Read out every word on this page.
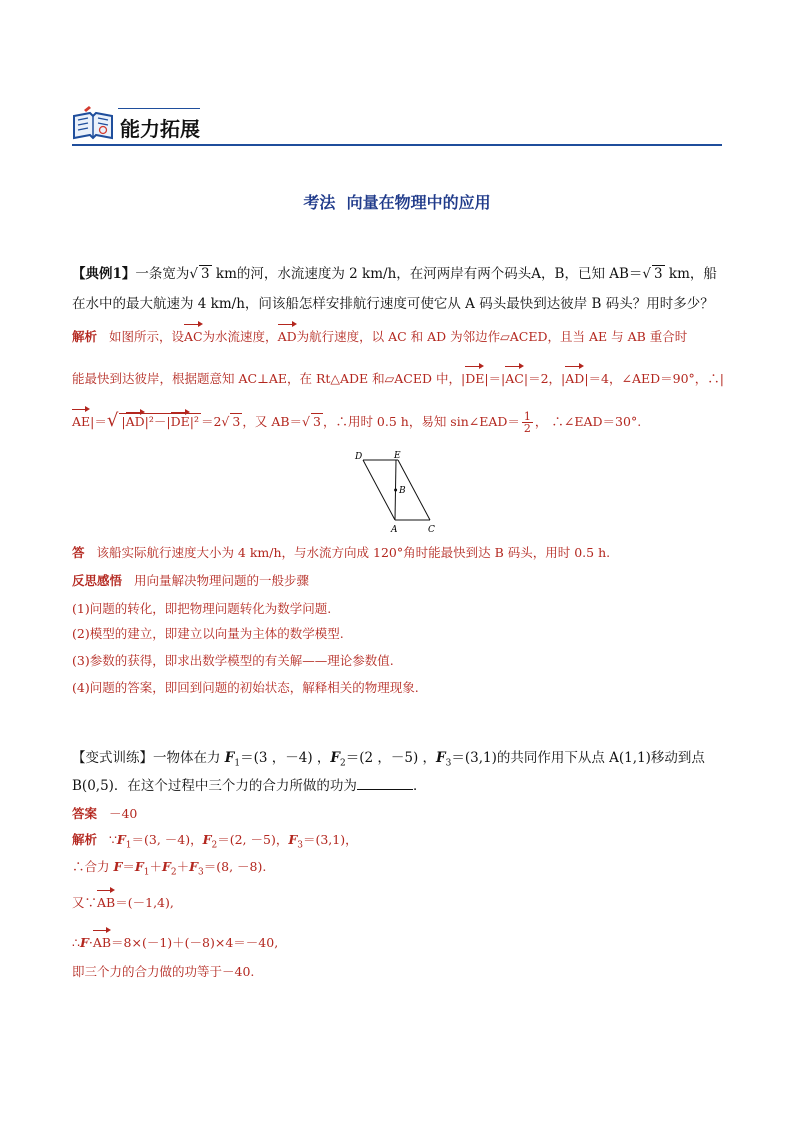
能力拓展
考法  向量在物理中的应用
【典例1】一条宽为√ 3 km的河，水流速度为 2 km/h，在河两岸有两个码头A，B，已知 AB＝√ 3 km，船
在水中的最大航速为 4 km/h，问该船怎样安排航行速度可使它从 A 码头最快到达彼岸 B 码头？用时多少？
解析 如图所示，设AC为水流速度，AD为航行速度，以 AC 和 AD 为邻边作▱ACED，且当 AE 与 AB 重合时
能最快到达彼岸，根据题意知 AC⊥AE，在 Rt△ADE 和▱ACED 中，|DE|＝|AC|＝2，|AD|＝4，∠AED＝90°，∴|
AE|＝√ |AD|²－|DE|² ＝2√ 3 ，又 AB＝√ 3 ，∴用时 0.5 h，易知 sin∠EAD＝ $\frac{1}{2}$ ， ∴∠EAD＝30°.
D	E
B
A	C
答 该船实际航行速度大小为 4 km/h，与水流方向成 120°角时能最快到达 B 码头，用时 0.5 h.
反思感悟 用向量解决物理问题的一般步骤
(1)问题的转化，即把物理问题转化为数学问题.
(2)模型的建立，即建立以向量为主体的数学模型.
(3)参数的获得，即求出数学模型的有关解——理论参数值.
(4)问题的答案，即回到问题的初始状态，解释相关的物理现象.
【变式训练】一物体在力 $F_1=(3$ ，－4) ，$F_2=(2$ ，－5) ，$F_3=(3,1)$的共同作用下从点 A(1,1)移动到点
B(0,5)．在这个过程中三个力的合力所做的功为	．
答案 －40
解析 $\because F_1=(3$, －4)，$F_2=(2$, －5)，$F_3=(3,1)$，
∴合力 $F=F_1+F_2+F_3=(8$, －8).
又∵AB＝(－1,4),
∴F·AB＝8×(－1)＋(－8)×4＝－40,
即三个力的合力做的功等于－40.
